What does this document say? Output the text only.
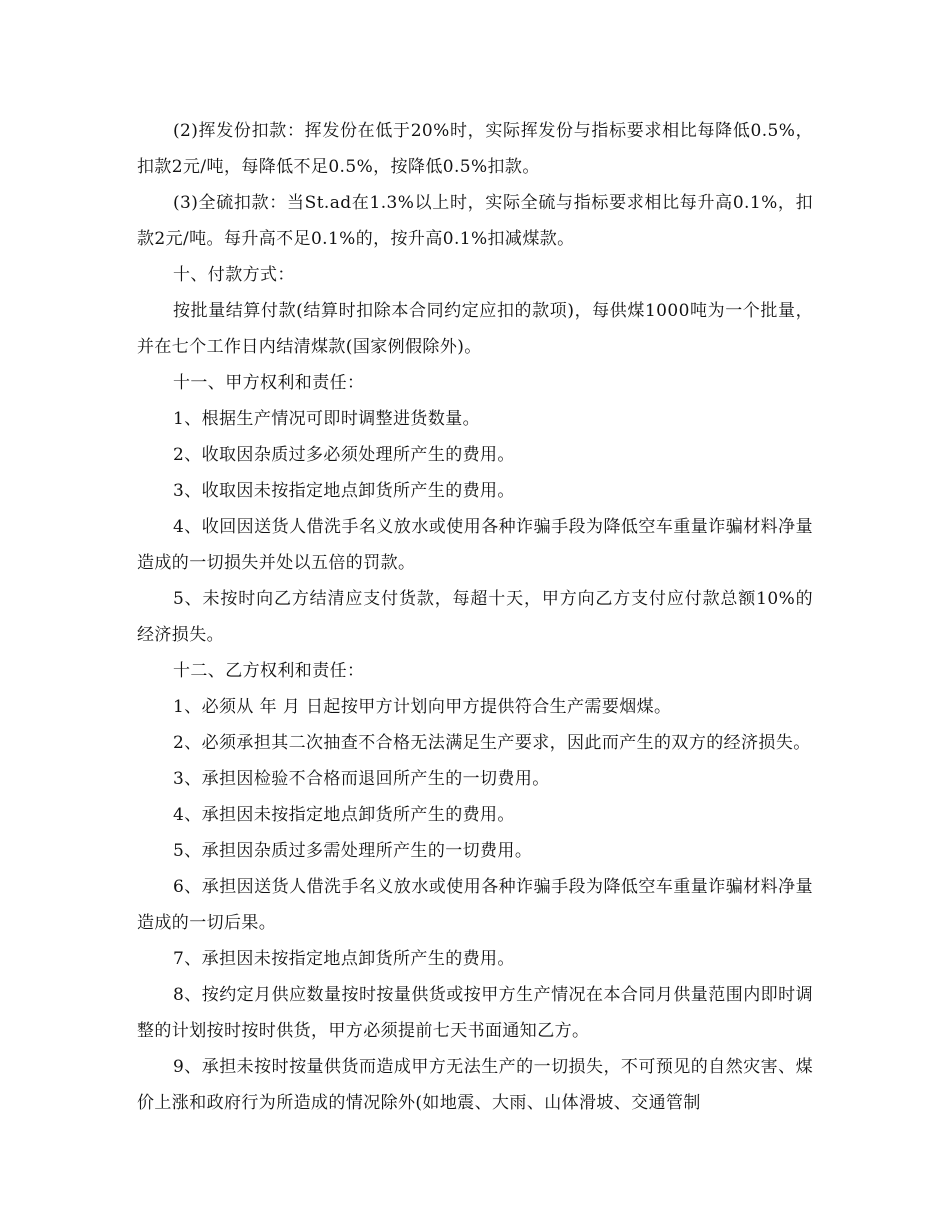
(2)挥发份扣款：挥发份在低于20%时，实际挥发份与指标要求相比每降低0.5%，扣款2元/吨，每降低不足0.5%，按降低0.5%扣款。

(3)全硫扣款：当St.ad在1.3%以上时，实际全硫与指标要求相比每升高0.1%，扣款2元/吨。每升高不足0.1%的，按升高0.1%扣减煤款。

十、付款方式：

按批量结算付款(结算时扣除本合同约定应扣的款项)，每供煤1000吨为一个批量，并在七个工作日内结清煤款(国家例假除外)。

十一、甲方权利和责任：

1、根据生产情况可即时调整进货数量。

2、收取因杂质过多必须处理所产生的费用。

3、收取因未按指定地点卸货所产生的费用。

4、收回因送货人借洗手名义放水或使用各种诈骗手段为降低空车重量诈骗材料净量造成的一切损失并处以五倍的罚款。

5、未按时向乙方结清应支付货款，每超十天，甲方向乙方支付应付款总额10%的经济损失。

十二、乙方权利和责任：

1、必须从 年 月 日起按甲方计划向甲方提供符合生产需要烟煤。

2、必须承担其二次抽查不合格无法满足生产要求，因此而产生的双方的经济损失。

3、承担因检验不合格而退回所产生的一切费用。

4、承担因未按指定地点卸货所产生的费用。

5、承担因杂质过多需处理所产生的一切费用。

6、承担因送货人借洗手名义放水或使用各种诈骗手段为降低空车重量诈骗材料净量造成的一切后果。

7、承担因未按指定地点卸货所产生的费用。

8、按约定月供应数量按时按量供货或按甲方生产情况在本合同月供量范围内即时调整的计划按时按时供货，甲方必须提前七天书面通知乙方。

9、承担未按时按量供货而造成甲方无法生产的一切损失，不可预见的自然灾害、煤价上涨和政府行为所造成的情况除外(如地震、大雨、山体滑坡、交通管制
